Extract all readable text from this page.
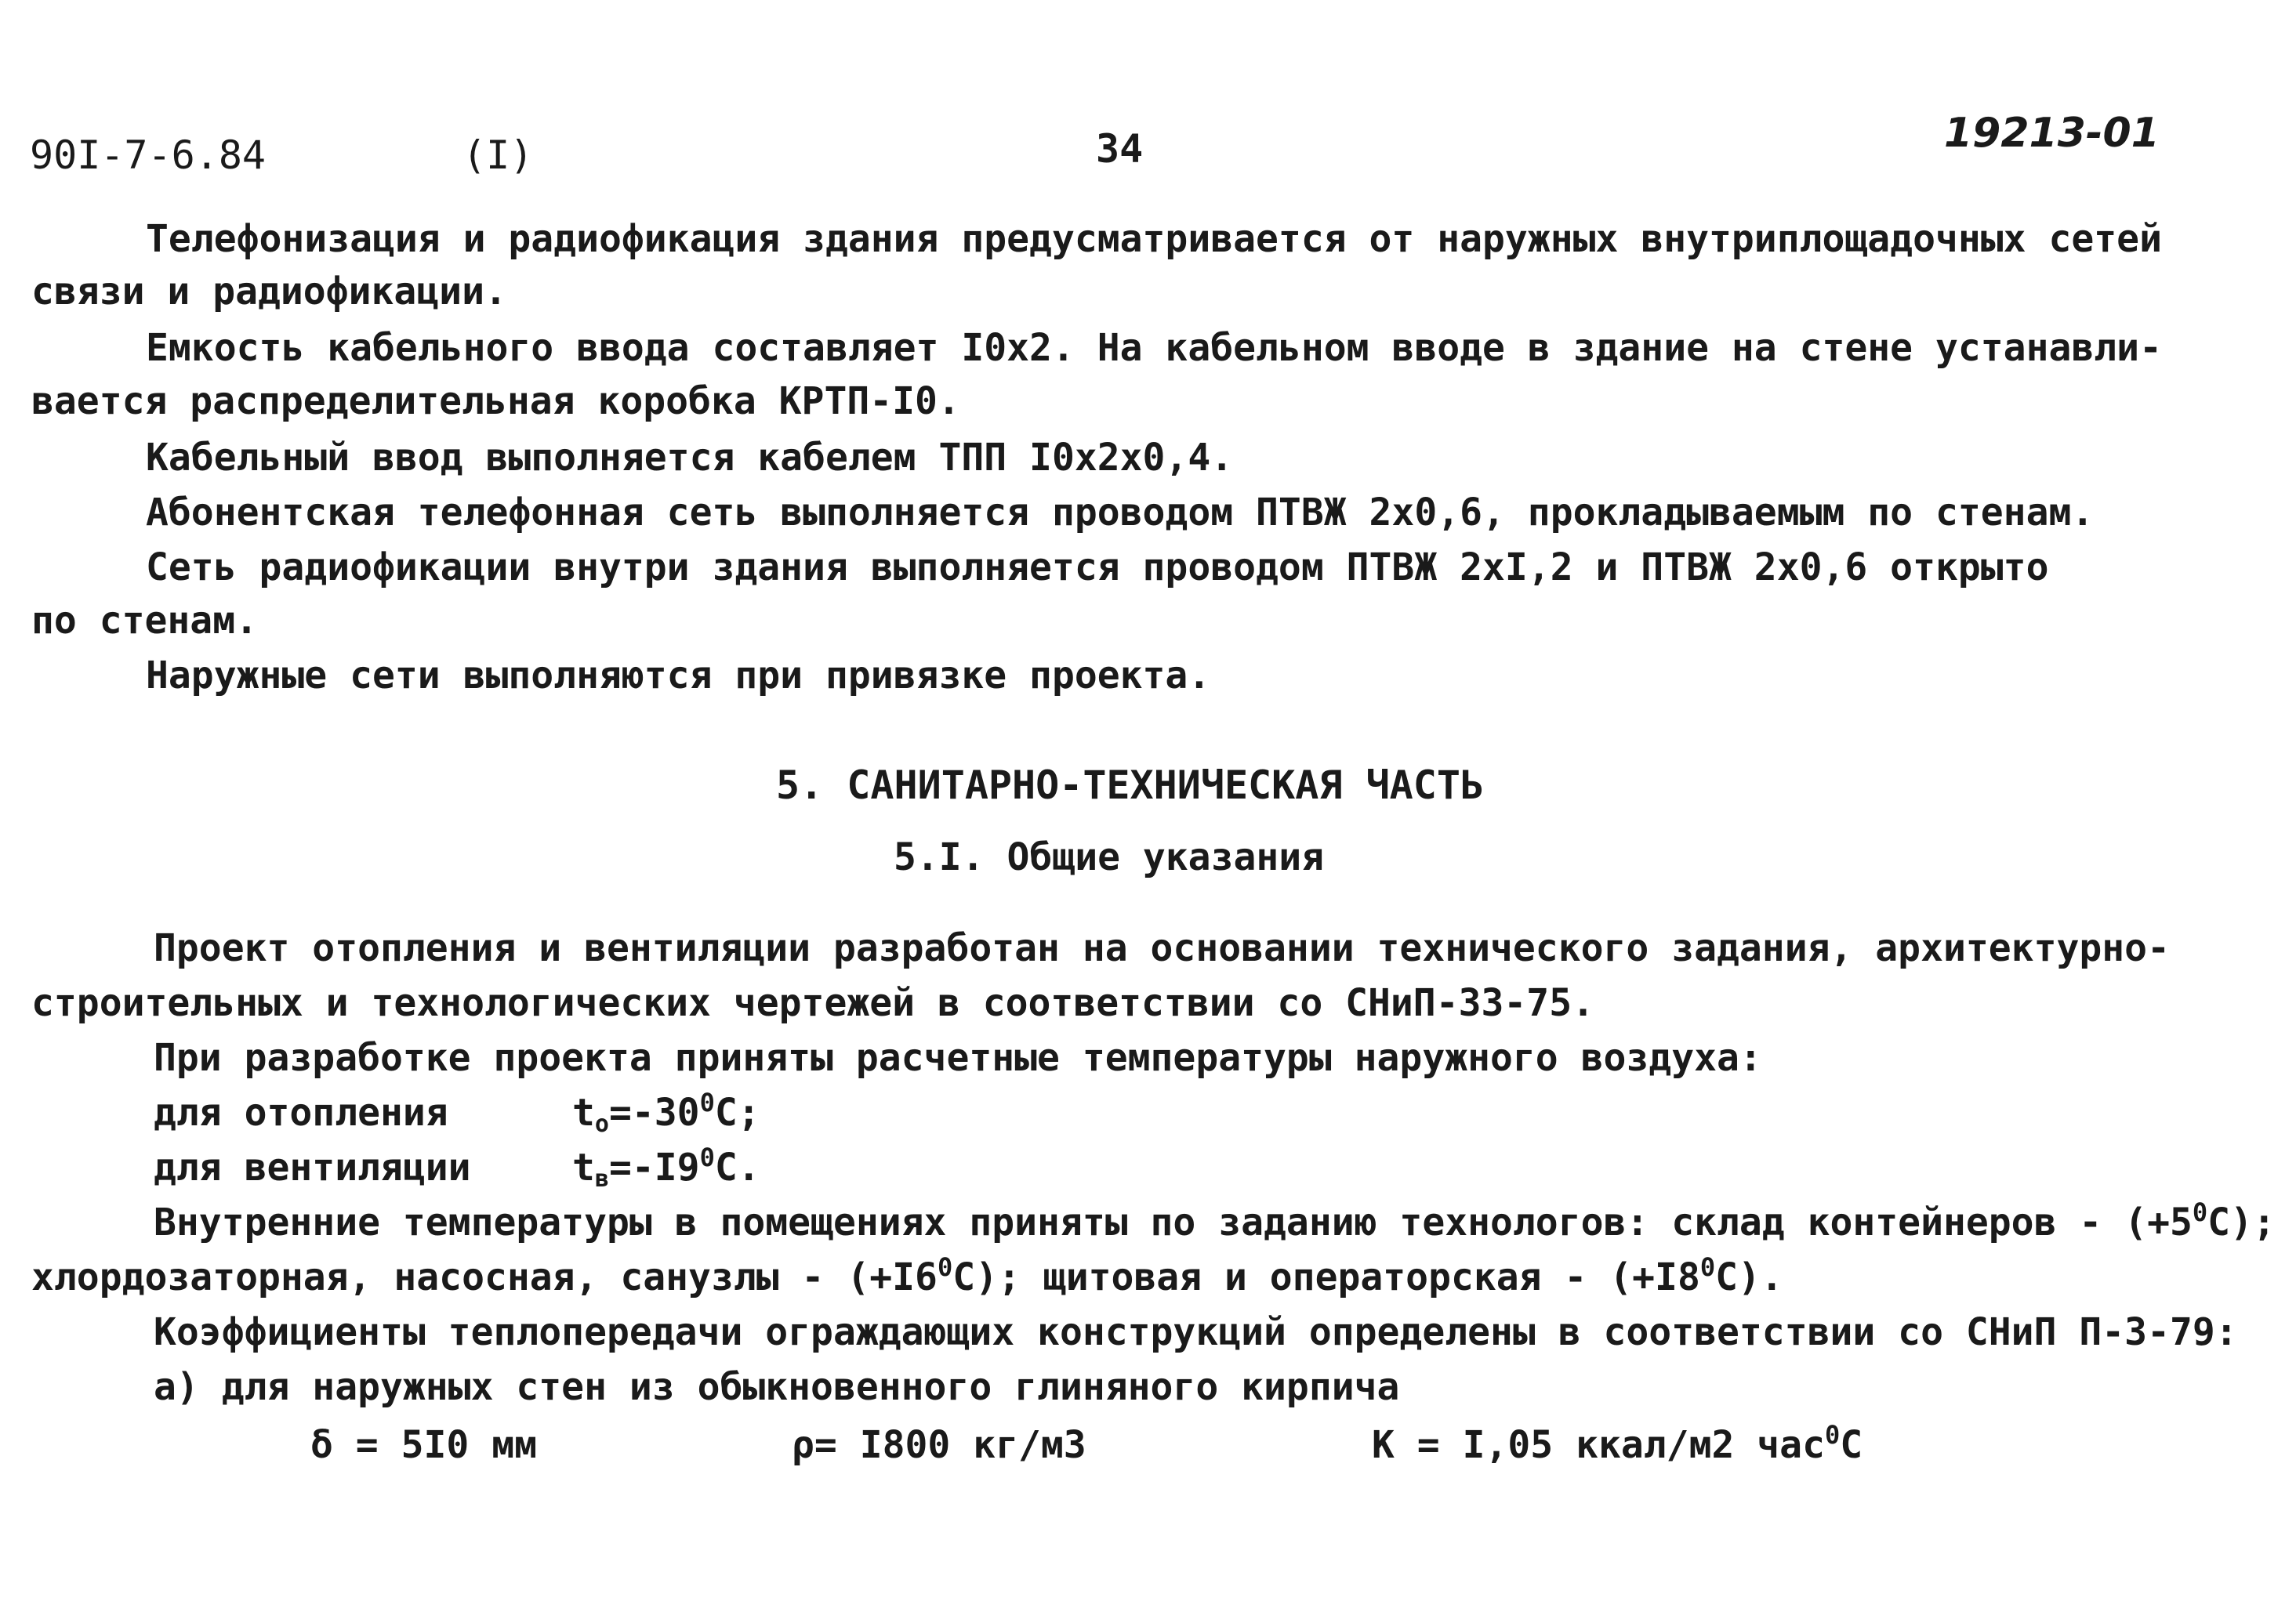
90I-7-6.84	(I)	34	19213-01
Телефонизация и радиофикация здания предусматривается от наружных внутриплощадочных сетей
связи и радиофикации.
Емкость кабельного ввода составляет I0x2. На кабельном вводе в здание на стене устанавли-
вается распределительная коробка КРТП-I0.
Кабельный ввод выполняется кабелем ТПП I0x2x0,4.
Абонентская телефонная сеть выполняется проводом ПТВЖ 2x0,6, прокладываемым по стенам.
Сеть радиофикации внутри здания выполняется проводом ПТВЖ 2xI,2 и ПТВЖ 2x0,6 открыто
по стенам.
Наружные сети выполняются при привязке проекта.
5. САНИТАРНО-ТЕХНИЧЕСКАЯ ЧАСТЬ
5.I. Общие указания
Проект отопления и вентиляции разработан на основании технического задания, архитектурно-
строительных и технологических чертежей в соответствии со СНиП-33-75.
При разработке проекта приняты расчетные температуры наружного воздуха:
для отопления	$t_o=-30^0C$;
для вентиляции	$t_в=-I9^0C$.
Внутренние температуры в помещениях приняты по заданию технологов: склад контейнеров - $(+5^0C)$;
хлордозаторная, насосная, санузлы - $(+I6^0C)$; щитовая и операторская - $(+I8^0C)$.
Коэффициенты теплопередачи ограждающих конструкций определены в соответствии со СНиП П-3-79:
а) для наружных стен из обыкновенного глиняного кирпича
δ = 5I0 мм	ρ= I800 кг/м3	К = I,05 ккал/м2 час$^0$C
